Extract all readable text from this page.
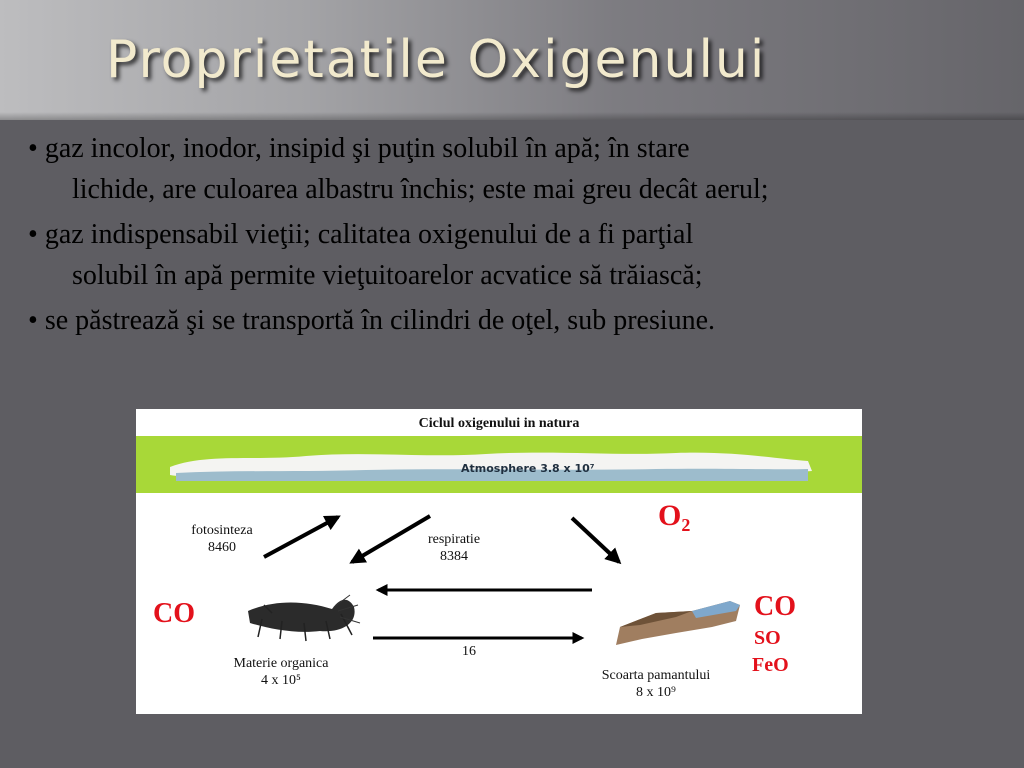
Proprietatile Oxigenului
• gaz incolor, inodor, insipid şi puţin solubil în apă; în stare
lichide, are culoarea albastru închis; este mai greu decât aerul;
• gaz indispensabil vieţii; calitatea oxigenului de a fi parţial
solubil în apă permite vieţuitoarelor acvatice să trăiască;
• se păstrează şi se transportă în cilindri de oţel, sub presiune.
Ciclul oxigenului in natura
Atmosphere 3.8 x 10⁷
$O_2$
fotosinteza
8460
respiratie
8384
16
CO
Materie organica
4 x 10⁵
CO
SO
FeO
Scoarta pamantului
8 x 10⁹
